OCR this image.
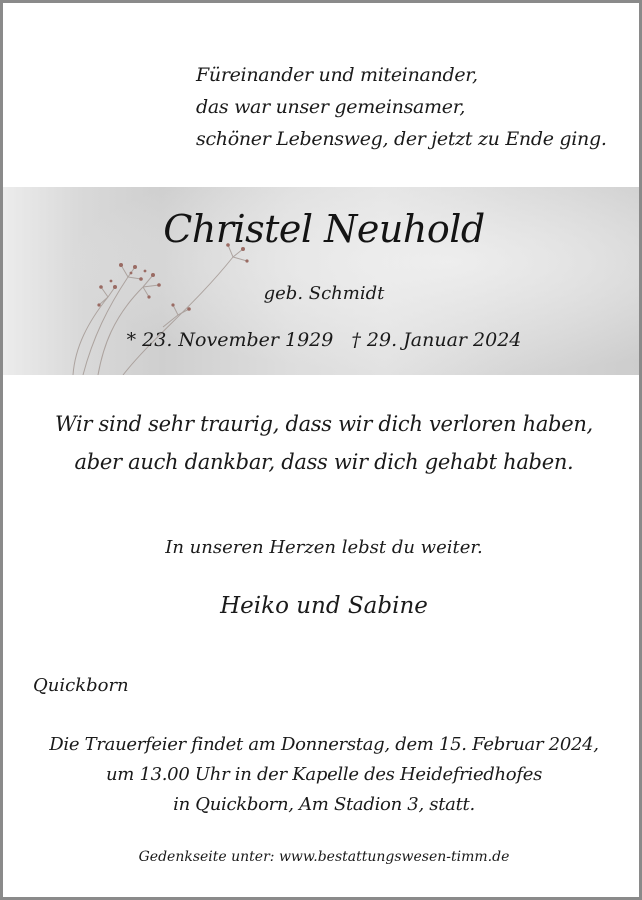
Füreinander und miteinander,
das war unser gemeinsamer,
schöner Lebensweg, der jetzt zu Ende ging.
Christel Neuhold
geb. Schmidt
* 23. November 1929 † 29. Januar 2024
Wir sind sehr traurig, dass wir dich verloren haben,
aber auch dankbar, dass wir dich gehabt haben.
In unseren Herzen lebst du weiter.
Heiko und Sabine
Quickborn
Die Trauerfeier findet am Donnerstag, dem 15. Februar 2024,
um 13.00 Uhr in der Kapelle des Heidefriedhofes
in Quickborn, Am Stadion 3, statt.
Gedenkseite unter: www.bestattungswesen-timm.de
